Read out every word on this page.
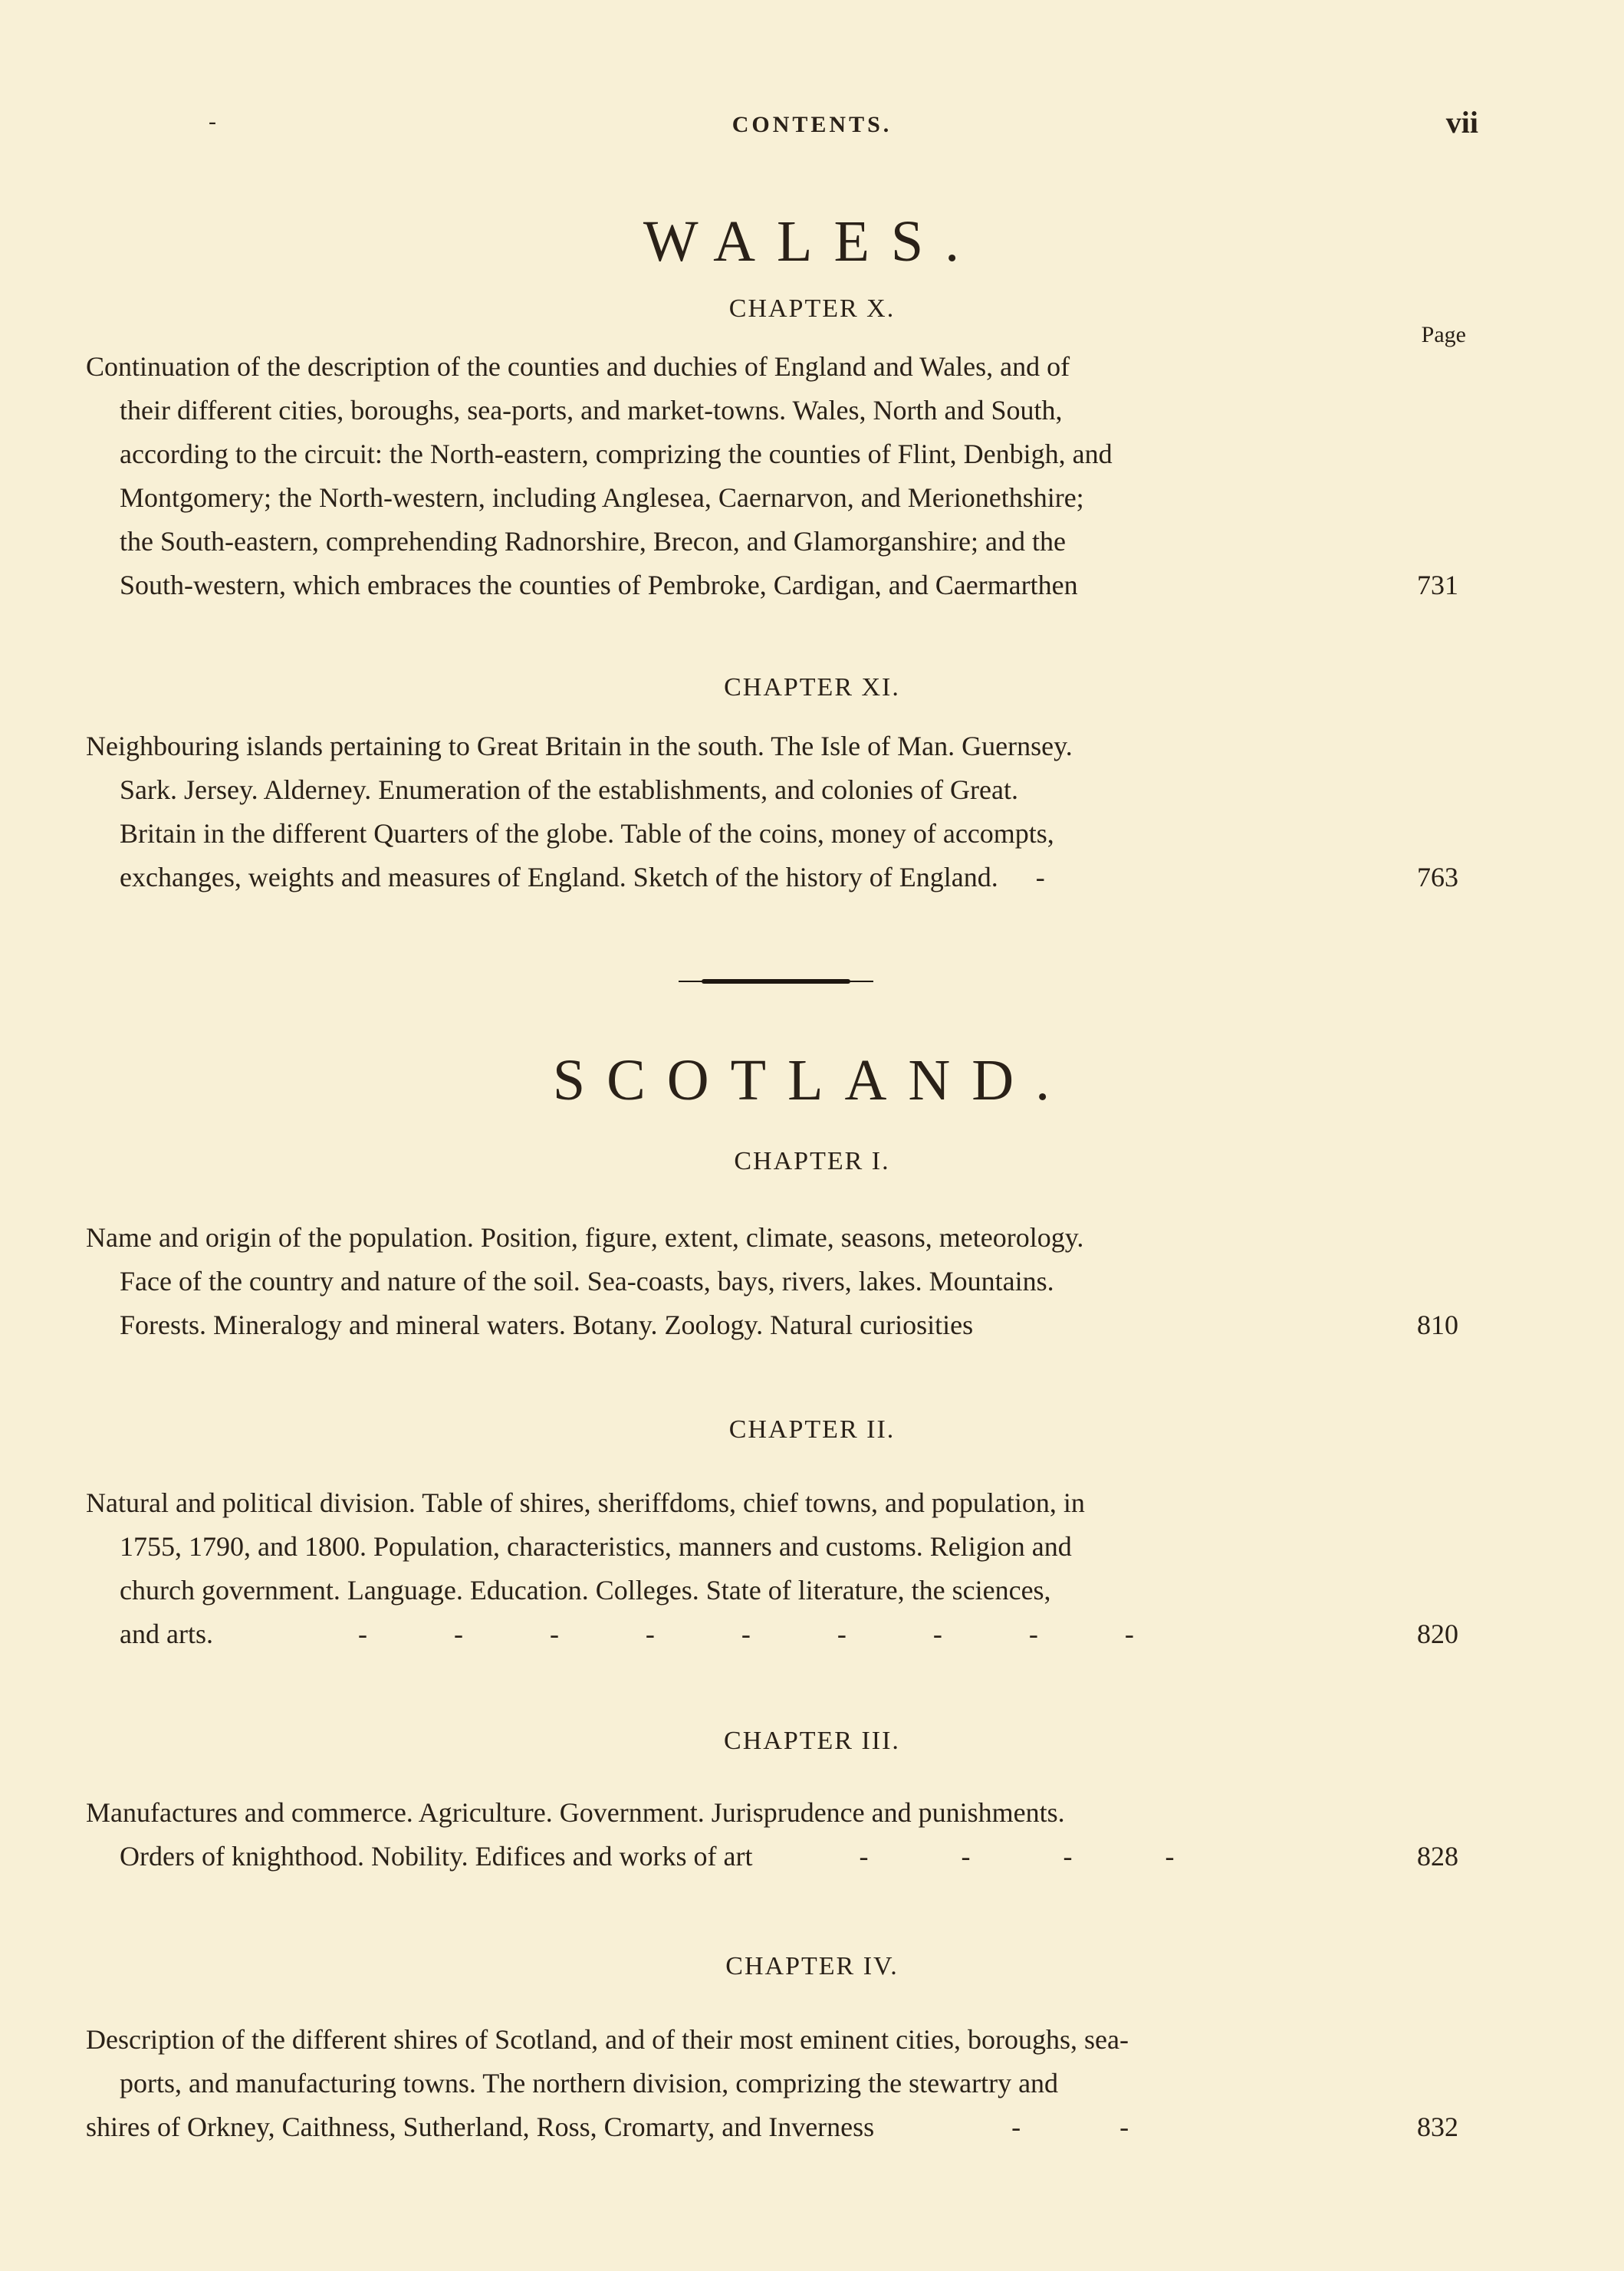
-	CONTENTS.	vii
WALES.
CHAPTER X.
Page
Continuation of the description of the counties and duchies of England and Wales, and of
their different cities, boroughs, sea-ports, and market-towns. Wales, North and South,
according to the circuit: the North-eastern, comprizing the counties of Flint, Denbigh, and
Montgomery; the North-western, including Anglesea, Caernarvon, and Merionethshire;
the South-eastern, comprehending Radnorshire, Brecon, and Glamorganshire; and the
South-western, which embraces the counties of Pembroke, Cardigan, and Caermarthen	731
CHAPTER XI.
Neighbouring islands pertaining to Great Britain in the south. The Isle of Man. Guernsey.
Sark. Jersey. Alderney. Enumeration of the establishments, and colonies of Great.
Britain in the different Quarters of the globe. Table of the coins, money of accompts,
exchanges, weights and measures of England. Sketch of the history of England. -	763
SCOTLAND.
CHAPTER I.
Name and origin of the population. Position, figure, extent, climate, seasons, meteorology.
Face of the country and nature of the soil. Sea-coasts, bays, rivers, lakes. Mountains.
Forests. Mineralogy and mineral waters. Botany. Zoology. Natural curiosities	810
CHAPTER II.
Natural and political division. Table of shires, sheriffdoms, chief towns, and population, in
1755, 1790, and 1800. Population, characteristics, manners and customs. Religion and
church government. Language. Education. Colleges. State of literature, the sciences,
and arts.	- - - - - - - - -	820
CHAPTER III.
Manufactures and commerce. Agriculture. Government. Jurisprudence and punishments.
Orders of knighthood. Nobility. Edifices and works of art	- - - -	828
CHAPTER IV.
Description of the different shires of Scotland, and of their most eminent cities, boroughs, sea-
ports, and manufacturing towns. The northern division, comprizing the stewartry and
shires of Orkney, Caithness, Sutherland, Ross, Cromarty, and Inverness	- -	832
